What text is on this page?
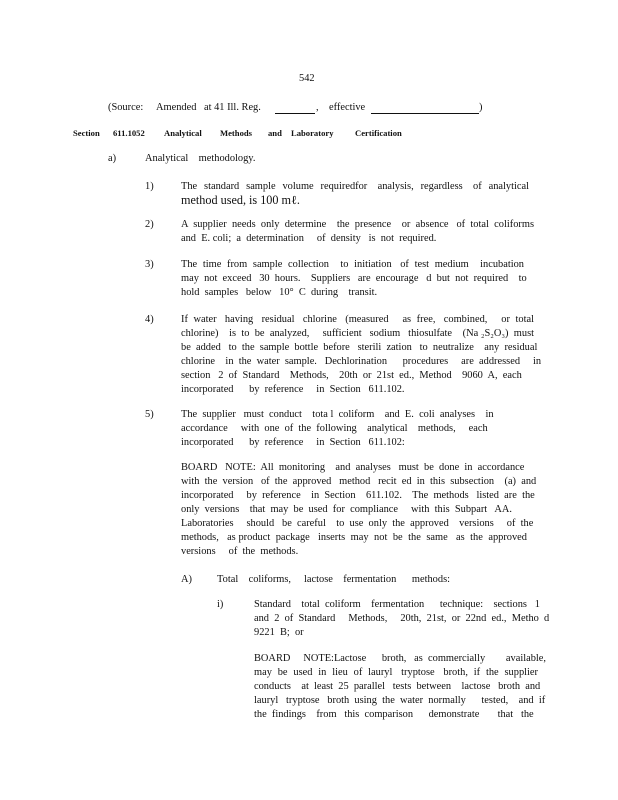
542
(Source: Amended at 41 Ill. Reg.	, effective	)
Section 611.1052 Analytical Methods and Laboratory	Certification
a)	Analytical    methodology.
1)	The  standard  sample  volume  requiredfor   analysis,  regardless   of  analytical
method used, is 100 mℓ.
2)	A  supplier  needs  only  determine    the  presence    or  absence   of  total  coliforms
and  E. coli;  a  determination     of  density   is  not  required.
3)	The  time  from  sample  collection    to  initiation   of  test  medium    incubation
may  not  exceed   30  hours.    Suppliers   are  encourage   d  but  not  required    to
hold  samples   below   10°  C  during    transit.
4)	If  water   having   residual   chlorine   (measured     as  free,   combined,     or  total
chlorine)    is  to  be  analyzed,     sufficient   sodium   thiosulfate    (Na ₂S₂O₃)  must
be  added   to  the  sample  bottle  before   sterili  zation   to  neutralize    any  residual
chlorine    in  the  water  sample.   Dechlorination      procedures     are  addressed     in
section   2  of  Standard    Methods,    20th  or  21st  ed.,  Method    9060  A,  each
incorporated      by  reference     in  Section   611.102.
5)	The  supplier   must  conduct    tota l  coliform    and  E.  coli  analyses    in
accordance     with  one  of  the  following    analytical    methods,     each
incorporated      by  reference     in  Section   611.102:
BOARD   NOTE:  All  monitoring    and  analyses   must  be  done  in  accordance
with  the  version   of  the  approved   method   recit  ed  in  this  subsection    (a)  and
incorporated     by  reference    in  Section    611.102.    The  methods   listed  are  the
only  versions    that  may  be  used  for  compliance     with  this  Subpart   AA.
Laboratories     should   be  careful    to  use  only  the  approved    versions     of  the
methods,   as product  package   inserts  may  not  be  the  same   as  the  approved
versions     of  the  methods.
A) Total    coliforms,     lactose    fermentation      methods:
i)	Standard    total  coliform    fermentation      technique:    sections   1
and  2  of  Standard     Methods,     20th,  21st,  or  22nd  ed.,  Metho  d
9221  B;  or
BOARD     NOTE:Lactose      broth,   as  commercially        available,
may  be  used  in  lieu  of  lauryl   tryptose   broth,  if  the  supplier
conducts    at  least  25  parallel   tests  between    lactose   broth  and
lauryl   tryptose   broth  using  the  water  normally      tested,    and  if
the  findings    from   this  comparison      demonstrate       that   the
